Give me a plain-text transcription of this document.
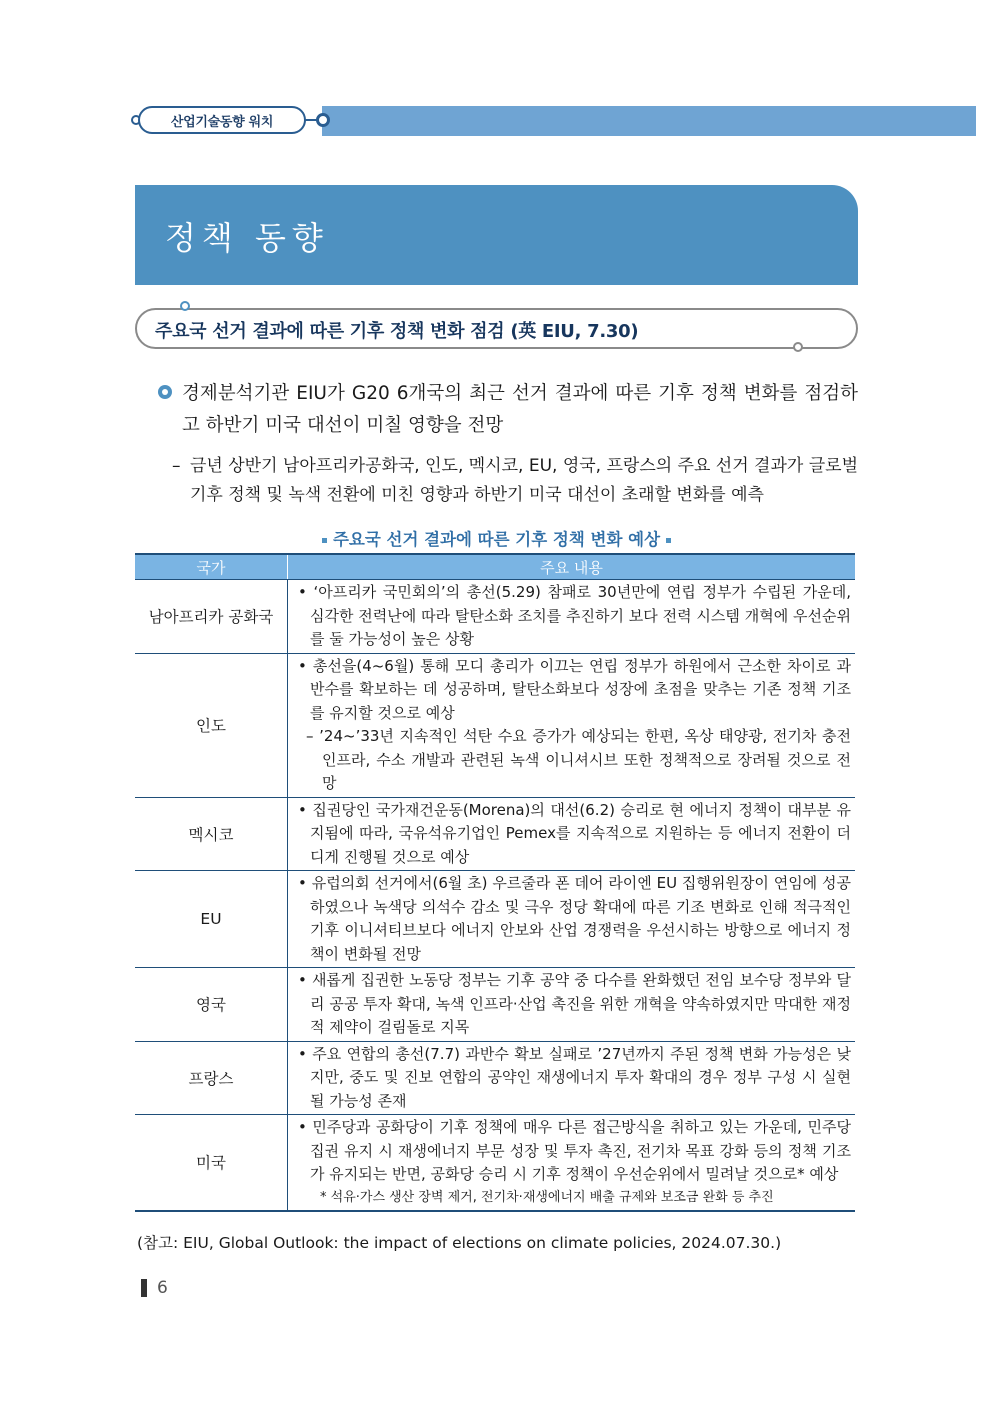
산업기술동향 워치
정책 동향
주요국 선거 결과에 따른 기후 정책 변화 점검 (英 EIU, 7.30)
경제분석기관 EIU가 G20 6개국의 최근 선거 결과에 따른 기후 정책 변화를 점검하고 하반기 미국 대선이 미칠 영향을 전망
– 금년 상반기 남아프리카공화국, 인도, 멕시코, EU, 영국, 프랑스의 주요 선거 결과가 글로벌 기후 정책 및 녹색 전환에 미친 영향과 하반기 미국 대선이 초래할 변화를 예측
주요국 선거 결과에 따른 기후 정책 변화 예상
국가	주요 내용
남아프리카 공화국	• ‘아프리카 국민회의’의 총선(5.29) 참패로 30년만에 연립 정부가 수립된 가운데, 심각한 전력난에 따라 탈탄소화 조치를 추진하기 보다 전력 시스템 개혁에 우선순위를 둘 가능성이 높은 상황

인도	• 총선을(4~6월) 통해 모디 총리가 이끄는 연립 정부가 하원에서 근소한 차이로 과반수를 확보하는 데 성공하며, 탈탄소화보다 성장에 초점을 맞추는 기존 정책 기조를 유지할 것으로 예상
– ’24~’33년 지속적인 석탄 수요 증가가 예상되는 한편, 옥상 태양광, 전기차 충전 인프라, 수소 개발과 관련된 녹색 이니셔시브 또한 정책적으로 장려될 것으로 전망

멕시코	• 집권당인 국가재건운동(Morena)의 대선(6.2) 승리로 현 에너지 정책이 대부분 유지됨에 따라, 국유석유기업인 Pemex를 지속적으로 지원하는 등 에너지 전환이 더디게 진행될 것으로 예상

EU	• 유럽의회 선거에서(6월 초) 우르줄라 폰 데어 라이엔 EU 집행위원장이 연임에 성공하였으나 녹색당 의석수 감소 및 극우 정당 확대에 따른 기조 변화로 인해 적극적인 기후 이니셔티브보다 에너지 안보와 산업 경쟁력을 우선시하는 방향으로 에너지 정책이 변화될 전망

영국	• 새롭게 집권한 노동당 정부는 기후 공약 중 다수를 완화했던 전임 보수당 정부와 달리 공공 투자 확대, 녹색 인프라·산업 촉진을 위한 개혁을 약속하였지만 막대한 재정적 제약이 걸림돌로 지목

프랑스	• 주요 연합의 총선(7.7) 과반수 확보 실패로 ’27년까지 주된 정책 변화 가능성은 낮지만, 중도 및 진보 연합의 공약인 재생에너지 투자 확대의 경우 정부 구성 시 실현될 가능성 존재

미국	• 민주당과 공화당이 기후 정책에 매우 다른 접근방식을 취하고 있는 가운데, 민주당 집권 유지 시 재생에너지 부문 성장 및 투자 촉진, 전기차 목표 강화 등의 정책 기조가 유지되는 반면, 공화당 승리 시 기후 정책이 우선순위에서 밀려날 것으로* 예상
* 석유·가스 생산 장벽 제거, 전기차·재생에너지 배출 규제와 보조금 완화 등 추진
(참고: EIU, Global Outlook: the impact of elections on climate policies, 2024.07.30.)
6
